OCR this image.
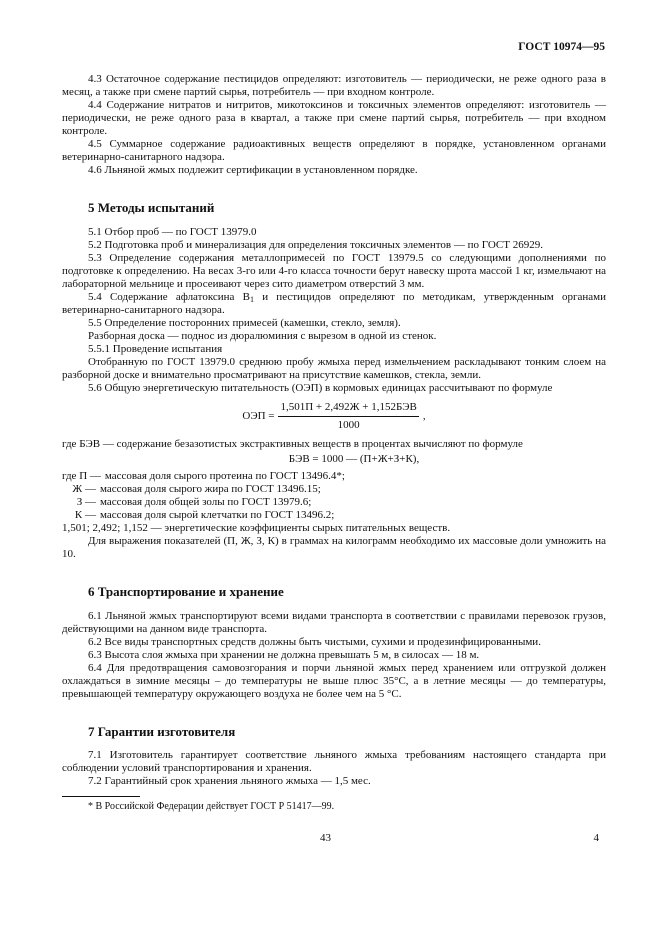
ГОСТ 10974—95

4.3 Остаточное содержание пестицидов определяют: изготовитель — периодически, не реже одного раза в месяц, а также при смене партий сырья, потребитель — при входном контроле.

4.4 Содержание нитратов и нитритов, микотоксинов и токсичных элементов определяют: изготовитель — периодически, не реже одного раза в квартал, а также при смене партий сырья, потребитель — при входном контроле.

4.5 Суммарное содержание радиоактивных веществ определяют в порядке, установленном органами ветеринарно-санитарного надзора.

4.6 Льняной жмых подлежит сертификации в установленном порядке.

5 Методы испытаний

5.1 Отбор проб — по ГОСТ 13979.0

5.2 Подготовка проб и минерализация для определения токсичных элементов — по ГОСТ 26929.

5.3 Определение содержания металлопримесей по ГОСТ 13979.5 со следующими дополнениями по подготовке к определению. На весах 3-го или 4-го класса точности берут навеску шрота массой 1 кг, измельчают на лабораторной мельнице и просеивают через сито диаметром отверстий 3 мм.

5.4 Содержание афлатоксина $B_1$ и пестицидов определяют по методикам, утвержденным органами ветеринарно-санитарного надзора.

5.5 Определение посторонних примесей (камешки, стекло, земля).

Разборная доска — поднос из дюралюминия с вырезом в одной из стенок.

5.5.1 Проведение испытания

Отобранную по ГОСТ 13979.0 среднюю пробу жмыха перед измельчением раскладывают тонким слоем на разборной доске и внимательно просматривают на присутствие камешков, стекла, земли.

5.6 Общую энергетическую питательность (ОЭП) в кормовых единицах рассчитывают по формуле

ОЭП = $\frac{\text{1,501П + 2,492Ж + 1,152БЭВ}}{1000}$ ,

где БЭВ — содержание безазотистых экстрактивных веществ в процентах вычисляют по формуле

БЭВ = 1000 — (П+Ж+З+К),
где П — массовая доля сырого протеина по ГОСТ 13496.4*;
Ж — массовая доля сырого жира по ГОСТ 13496.15;
З — массовая доля общей золы по ГОСТ 13979.6;
К — массовая доля сырой клетчатки по ГОСТ 13496.2;

1,501; 2,492; 1,152 — энергетические коэффициенты сырых питательных веществ.

Для выражения показателей (П, Ж, З, К) в граммах на килограмм необходимо их массовые доли умножить на 10.

6 Транспортирование и хранение

6.1 Льняной жмых транспортируют всеми видами транспорта в соответствии с правилами перевозок грузов, действующими на данном виде транспорта.

6.2 Все виды транспортных средств должны быть чистыми, сухими и продезинфицированными.

6.3 Высота слоя жмыха при хранении не должна превышать 5 м, в силосах — 18 м.

6.4 Для предотвращения самовозгорания и порчи льняной жмых перед хранением или отгрузкой должен охлаждаться в зимние месяцы – до температуры не выше плюс 35°С, а в летние месяцы — до температуры, превышающей температуру окружающего воздуха не более чем на 5 °С.

7 Гарантии изготовителя

7.1 Изготовитель гарантирует соответствие льняного жмыха требованиям настоящего стандарта при соблюдении условий транспортирования и хранения.

7.2 Гарантийный срок хранения льняного жмыха — 1,5 мес.

* В Российской Федерации действует ГОСТ Р 51417—99.

43	4
